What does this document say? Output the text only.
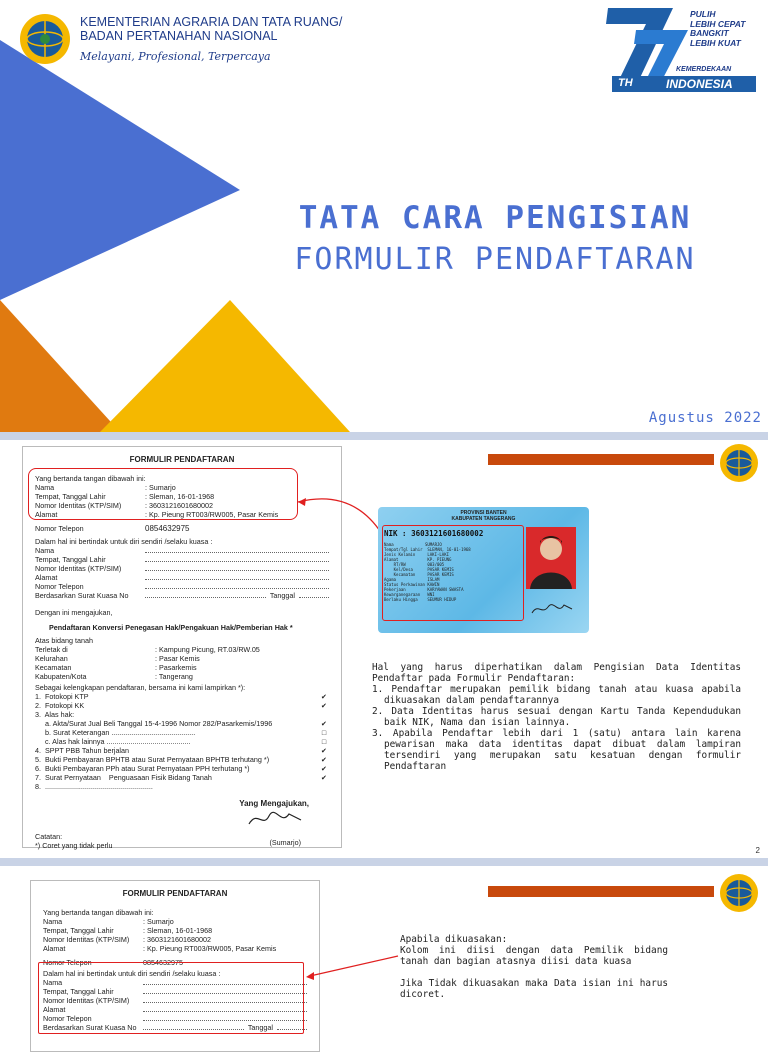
KEMENTERIAN AGRARIA DAN TATA RUANG/
BADAN PERTANAHAN NASIONAL
Melayani, Profesional, Terpercaya
PULIH
LEBIH CEPAT
BANGKIT
LEBIH KUAT
KEMERDEKAAN
TH	INDONESIA
TATA CARA PENGISIAN
FORMULIR PENDAFTARAN
Agustus 2022
FORMULIR PENDAFTARAN
Yang bertanda tangan dibawah ini:
Nama	: Sumarjo
Tempat, Tanggal Lahir	: Sleman, 16-01-1968
Nomor Identitas (KTP/SIM)	: 3603121601680002
Alamat	: Kp. Pieung RT003/RW005, Pasar Kemis
Nomor Telepon	0854632975
Dalam hal ini bertindak untuk diri sendiri /selaku kuasa :
Nama
Tempat, Tanggal Lahir
Nomor Identitas (KTP/SIM)
Alamat
Nomor Telepon
Berdasarkan Surat Kuasa No	Tanggal
Dengan ini mengajukan,
Pendaftaran Konversi Penegasan Hak/Pengakuan Hak/Pemberian Hak *
Atas bidang tanah
Terletak di	: Kampung Picung, RT.03/RW.05
Kelurahan	: Pasar Kemis
Kecamatan	: Pasarkemis
Kabupaten/Kota	: Tangerang
Sebagai kelengkapan pendaftaran, bersama ini kami lampirkan *):
1.  Fotokopi KTP	✔
2.  Fotokopi KK	✔
3.  Alas hak:
a. Akta/Surat Jual Beli Tanggal 15-4-1996 Nomor 282/Pasarkemis/1996	✔
b. Surat Keterangan ..........................................	□
c. Alas hak lainnya ..........................................	□
4.  SPPT PBB Tahun berjalan	✔
5.  Bukti Pembayaran BPHTB atau Surat Pernyataan BPHTB terhutang *)	✔
6.  Bukti Pembayaran PPh atau Surat Pernyataan PPH terhutang *)	✔
7.  Surat Pernyataan    Penguasaan Fisik Bidang Tanah	✔
8.  ......................................................
Yang Mengajukan,
Catatan:
*) Coret yang tidak perlu	(Sumarjo)
PROVINSI BANTEN
KABUPATEN TANGERANG
NIK : 3603121601680002
Nama             SUMARJO
Tempat/Tgl Lahir  SLEMAN, 16-01-1968
Jenis Kelamin     LAKI-LAKI
Alamat            KP. PIEUNG
RT/RW         003/005
Kel/Desa      PASAR KEMIS
Kecamatan     PASAR KEMIS
Agama             ISLAM
Status Perkawinan KAWIN
Pekerjaan         KARYAWAN SWASTA
Kewarganegaraan   WNI
Berlaku Hingga    SEUMUR HIDUP
Hal yang harus diperhatikan dalam Pengisian Data Identitas Pendaftar pada Formulir Pendaftaran:
1. Pendaftar merupakan pemilik bidang tanah atau kuasa apabila dikuasakan dalam pendaftarannya
2. Data Identitas harus sesuai dengan Kartu Tanda Kependudukan baik NIK, Nama dan isian lainnya.
3. Apabila Pendaftar lebih dari 1 (satu) antara lain karena pewarisan maka data identitas dapat dibuat dalam lampiran tersendiri yang merupakan satu kesatuan dengan formulir Pendaftaran
2
FORMULIR PENDAFTARAN
Yang bertanda tangan dibawah ini:
Nama	: Sumarjo
Tempat, Tanggal Lahir	: Sleman, 16-01-1968
Nomor Identitas (KTP/SIM)	: 3603121601680002
Alamat	: Kp. Pieung RT003/RW005, Pasar Kemis
Nomor Telepon	0854632975
Dalam hal ini bertindak untuk diri sendiri /selaku kuasa :
Nama
Tempat, Tanggal Lahir
Nomor Identitas (KTP/SIM)
Alamat
Nomor Telepon
Berdasarkan Surat Kuasa No	Tanggal
Apabila dikuasakan:
Kolom ini diisi dengan data Pemilik bidang tanah dan bagian atasnya diisi data kuasa
Jika Tidak dikuasakan maka Data isian ini harus dicoret.
